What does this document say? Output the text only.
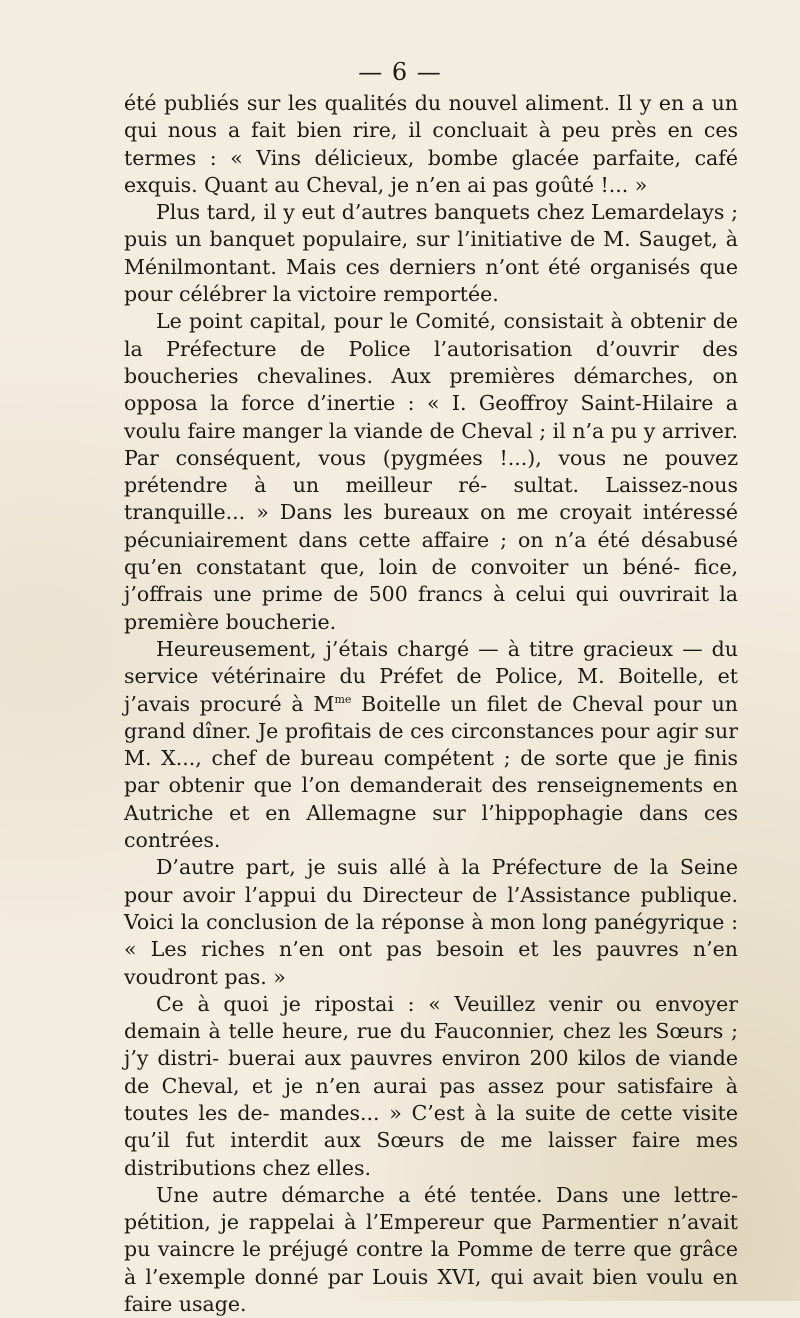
— 6 —

été publiés sur les qualités du nouvel aliment. Il y en a un qui nous a fait bien rire, il concluait à peu près en ces termes : « Vins délicieux, bombe glacée parfaite, café exquis. Quant au Cheval, je n’en ai pas goûté !... »

Plus tard, il y eut d’autres banquets chez Lemardelays ; puis un banquet populaire, sur l’initiative de M. Sauget, à Ménilmontant. Mais ces derniers n’ont été organisés que pour célébrer la victoire remportée.

Le point capital, pour le Comité, consistait à obtenir de la Préfecture de Police l’autorisation d’ouvrir des boucheries chevalines. Aux premières démarches, on opposa la force d’inertie : « I. Geoffroy Saint-Hilaire a voulu faire manger la viande de Cheval ; il n’a pu y arriver. Par conséquent, vous (pygmées !...), vous ne pouvez prétendre à un meilleur ré- sultat. Laissez-nous tranquille... » Dans les bureaux on me croyait intéressé pécuniairement dans cette affaire ; on n’a été désabusé qu’en constatant que, loin de convoiter un béné- fice, j’offrais une prime de 500 francs à celui qui ouvrirait la première boucherie.

Heureusement, j’étais chargé — à titre gracieux — du service vétérinaire du Préfet de Police, M. Boitelle, et j’avais procuré à $M^{me}$ Boitelle un filet de Cheval pour un grand dîner. Je profitais de ces circonstances pour agir sur M. X..., chef de bureau compétent ; de sorte que je finis par obtenir que l’on demanderait des renseignements en Autriche et en Allemagne sur l’hippophagie dans ces contrées.

D’autre part, je suis allé à la Préfecture de la Seine pour avoir l’appui du Directeur de l’Assistance publique. Voici la conclusion de la réponse à mon long panégyrique : « Les riches n’en ont pas besoin et les pauvres n’en voudront pas. »

Ce à quoi je ripostai : « Veuillez venir ou envoyer demain à telle heure, rue du Fauconnier, chez les Sœurs ; j’y distri- buerai aux pauvres environ 200 kilos de viande de Cheval, et je n’en aurai pas assez pour satisfaire à toutes les de- mandes... » C’est à la suite de cette visite qu’il fut interdit aux Sœurs de me laisser faire mes distributions chez elles.

Une autre démarche a été tentée. Dans une lettre-pétition, je rappelai à l’Empereur que Parmentier n’avait pu vaincre le préjugé contre la Pomme de terre que grâce à l’exemple donné par Louis XVI, qui avait bien voulu en faire usage.
